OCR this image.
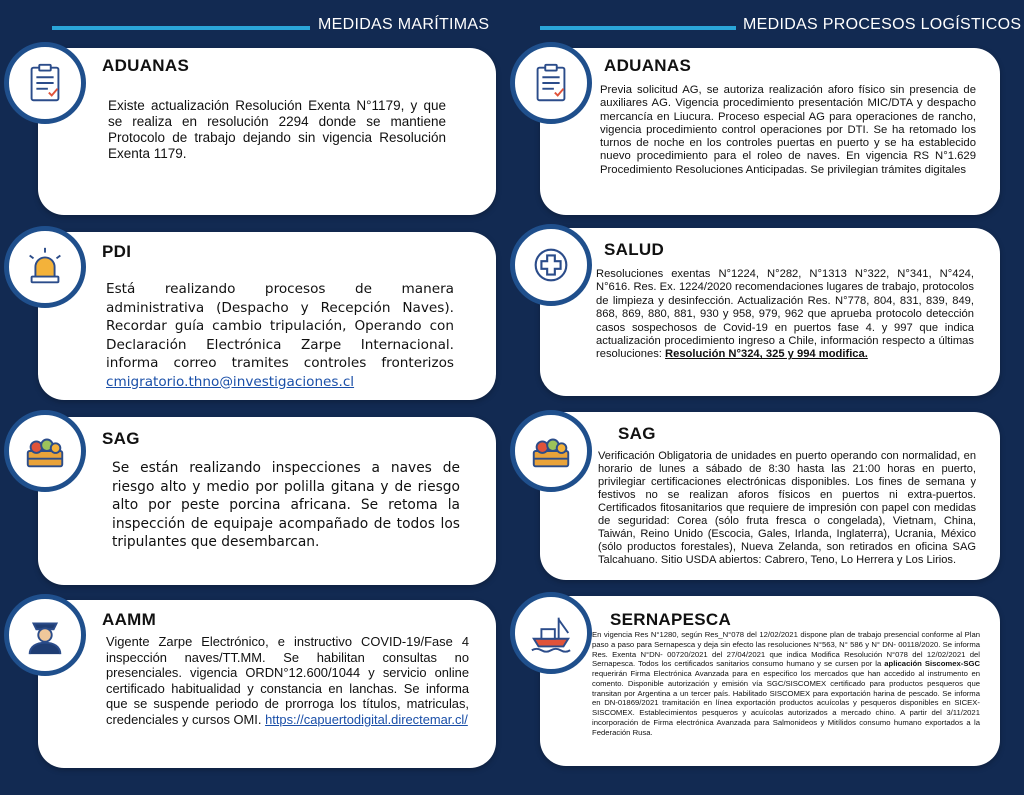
MEDIDAS MARÍTIMAS	MEDIDAS PROCESOS LOGÍSTICOS
ADUANAS
Existe actualización Resolución Exenta N°1179, y que se realiza en resolución 2294 donde se mantiene Protocolo de trabajo dejando sin vigencia Resolución Exenta 1179.
PDI
Está realizando procesos de manera administrativa (Despacho y Recepción Naves). Recordar guía cambio tripulación, Operando con Declaración Electrónica Zarpe Internacional. informa correo tramites controles fronterizos cmigratorio.thno@investigaciones.cl
SAG
Se están realizando inspecciones a naves de riesgo alto y medio por polilla gitana y de riesgo alto por peste porcina africana. Se retoma la inspección de equipaje acompañado de todos los tripulantes que desembarcan.
AAMM
Vigente Zarpe Electrónico, e instructivo COVID-19/Fase 4 inspección naves/TT.MM. Se habilitan consultas no presenciales. vigencia ORDN°12.600/1044 y servicio online certificado habitualidad y constancia en lanchas. Se informa que se suspende periodo de prorroga los títulos, matriculas, credenciales y cursos OMI. https://capuertodigital.directemar.cl/
ADUANAS
Previa solicitud AG, se autoriza realización aforo físico sin presencia de auxiliares AG. Vigencia procedimiento presentación MIC/DTA y despacho mercancía en Liucura. Proceso especial AG para operaciones de rancho, vigencia procedimiento control operaciones por DTI. Se ha retomado los turnos de noche en los controles puertas en puerto y se ha establecido nuevo procedimiento para el roleo de naves. En vigencia RS N°1.629 Procedimiento Resoluciones Anticipadas. Se privilegian trámites digitales
SALUD
Resoluciones exentas N°1224, N°282, N°1313 N°322, N°341, N°424, N°616. Res. Ex. 1224/2020 recomendaciones lugares de trabajo, protocolos de limpieza y desinfección. Actualización Res. N°778, 804, 831, 839, 849, 868, 869, 880, 881, 930 y 958, 979, 962 que aprueba protocolo detección casos sospechosos de Covid-19 en puertos fase 4. y 997 que indica actualización procedimiento ingreso a Chile, información respecto a últimas resoluciones: Resolución N°324, 325 y 994 modifica.
SAG
Verificación Obligatoria de unidades en puerto operando con normalidad, en horario de lunes a sábado de 8:30 hasta las 21:00 horas en puerto, privilegiar certificaciones electrónicas disponibles. Los fines de semana y festivos no se realizan aforos físicos en puertos ni extra-puertos. Certificados fitosanitarios que requiere de impresión con papel con medidas de seguridad: Corea (sólo fruta fresca o congelada), Vietnam, China, Taiwán, Reino Unido (Escocia, Gales, Irlanda, Inglaterra), Ucrania, México (sólo productos forestales), Nueva Zelanda, son retirados en oficina SAG Talcahuano. Sitio USDA abiertos: Cabrero, Teno, Lo Herrera y Los Lirios.
SERNAPESCA
En vigencia Res N°1280, según Res_N°078 del 12/02/2021 dispone plan de trabajo presencial conforme al Plan paso a paso para Sernapesca y deja sin efecto las resoluciones N°563, N° 586 y N° DN- 00118/2020. Se informa Res. Exenta N°DN- 00720/2021 del 27/04/2021 que indica Modifica Resolución N°078 del 12/02/2021 del Sernapesca. Todos los certificados sanitarios consumo humano y se cursen por la aplicación Siscomex-SGC requerirán Firma Electrónica Avanzada para en especifico los mercados que han accedido al instrumento en comento. Disponible autorización y emisión vía SGC/SISCOMEX certificado para productos pesqueros que transitan por Argentina a un tercer país. Habilitado SISCOMEX para exportación harina de pescado. Se informa en DN-01869/2021 tramitación en línea exportación productos acuícolas y pesqueros disponibles en SICEX-SISCOMEX. Establecimientos pesqueros y acuícolas autorizados a mercado chino. A partir del 3/11/2021 incorporación de Firma electrónica Avanzada para Salmonideos y Mitílidos consumo humano exportados a la Federación Rusa.
